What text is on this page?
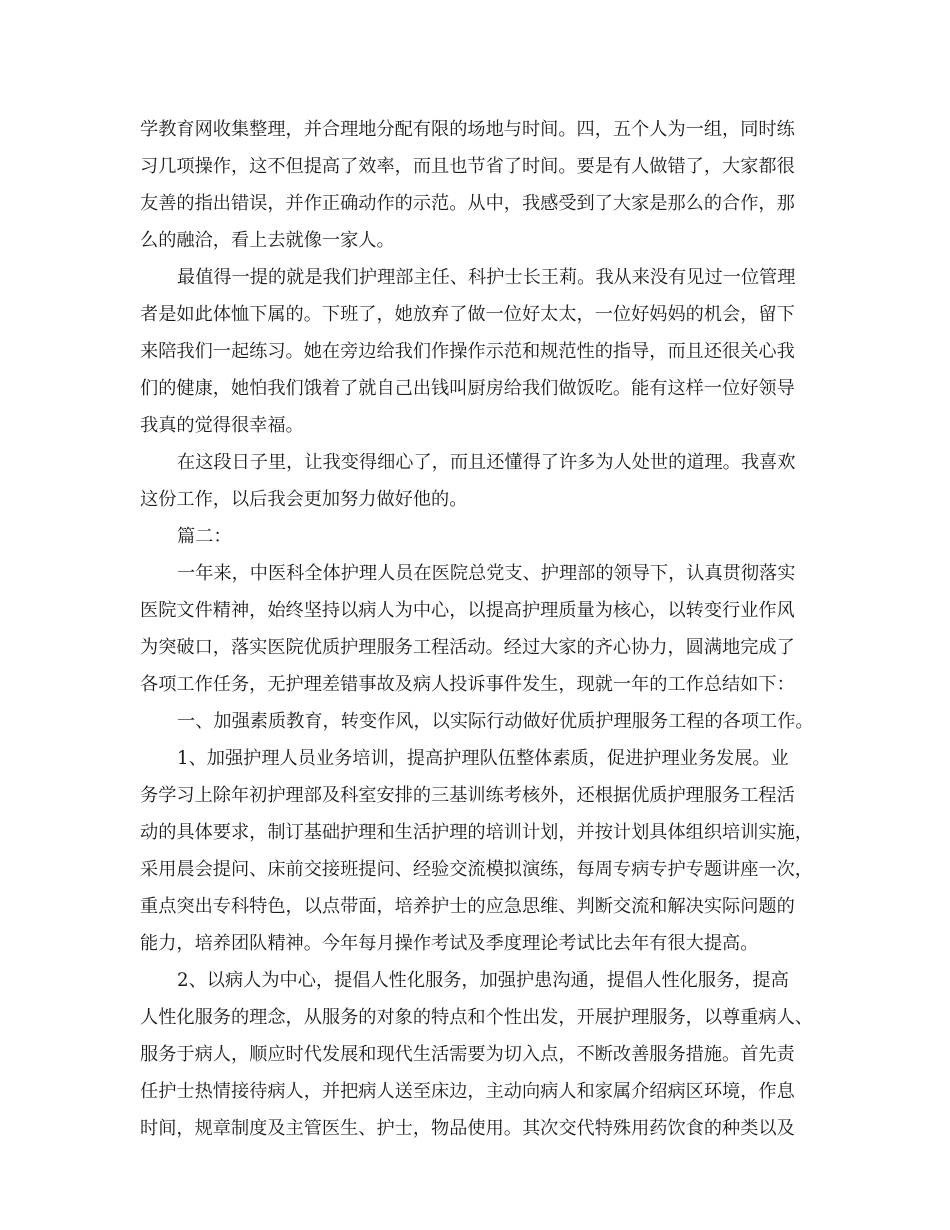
学教育网收集整理，并合理地分配有限的场地与时间。四，五个人为一组，同时练
习几项操作，这不但提高了效率，而且也节省了时间。要是有人做错了，大家都很
友善的指出错误，并作正确动作的示范。从中，我感受到了大家是那么的合作，那
么的融洽，看上去就像一家人。
最值得一提的就是我们护理部主任、科护士长王莉。我从来没有见过一位管理
者是如此体恤下属的。下班了，她放弃了做一位好太太，一位好妈妈的机会，留下
来陪我们一起练习。她在旁边给我们作操作示范和规范性的指导，而且还很关心我
们的健康，她怕我们饿着了就自己出钱叫厨房给我们做饭吃。能有这样一位好领导
我真的觉得很幸福。
在这段日子里，让我变得细心了，而且还懂得了许多为人处世的道理。我喜欢
这份工作，以后我会更加努力做好他的。
篇二：
一年来，中医科全体护理人员在医院总党支、护理部的领导下，认真贯彻落实
医院文件精神，始终坚持以病人为中心，以提高护理质量为核心，以转变行业作风
为突破口，落实医院优质护理服务工程活动。经过大家的齐心协力，圆满地完成了
各项工作任务，无护理差错事故及病人投诉事件发生，现就一年的工作总结如下：
一、加强素质教育，转变作风，以实际行动做好优质护理服务工程的各项工作。
1、加强护理人员业务培训，提高护理队伍整体素质，促进护理业务发展。业
务学习上除年初护理部及科室安排的三基训练考核外，还根据优质护理服务工程活
动的具体要求，制订基础护理和生活护理的培训计划，并按计划具体组织培训实施，
采用晨会提问、床前交接班提问、经验交流模拟演练，每周专病专护专题讲座一次，
重点突出专科特色，以点带面，培养护士的应急思维、判断交流和解决实际问题的
能力，培养团队精神。今年每月操作考试及季度理论考试比去年有很大提高。
2、以病人为中心，提倡人性化服务，加强护患沟通，提倡人性化服务，提高
人性化服务的理念，从服务的对象的特点和个性出发，开展护理服务，以尊重病人、
服务于病人，顺应时代发展和现代生活需要为切入点，不断改善服务措施。首先责
任护士热情接待病人，并把病人送至床边，主动向病人和家属介绍病区环境，作息
时间，规章制度及主管医生、护士，物品使用。其次交代特殊用药饮食的种类以及
